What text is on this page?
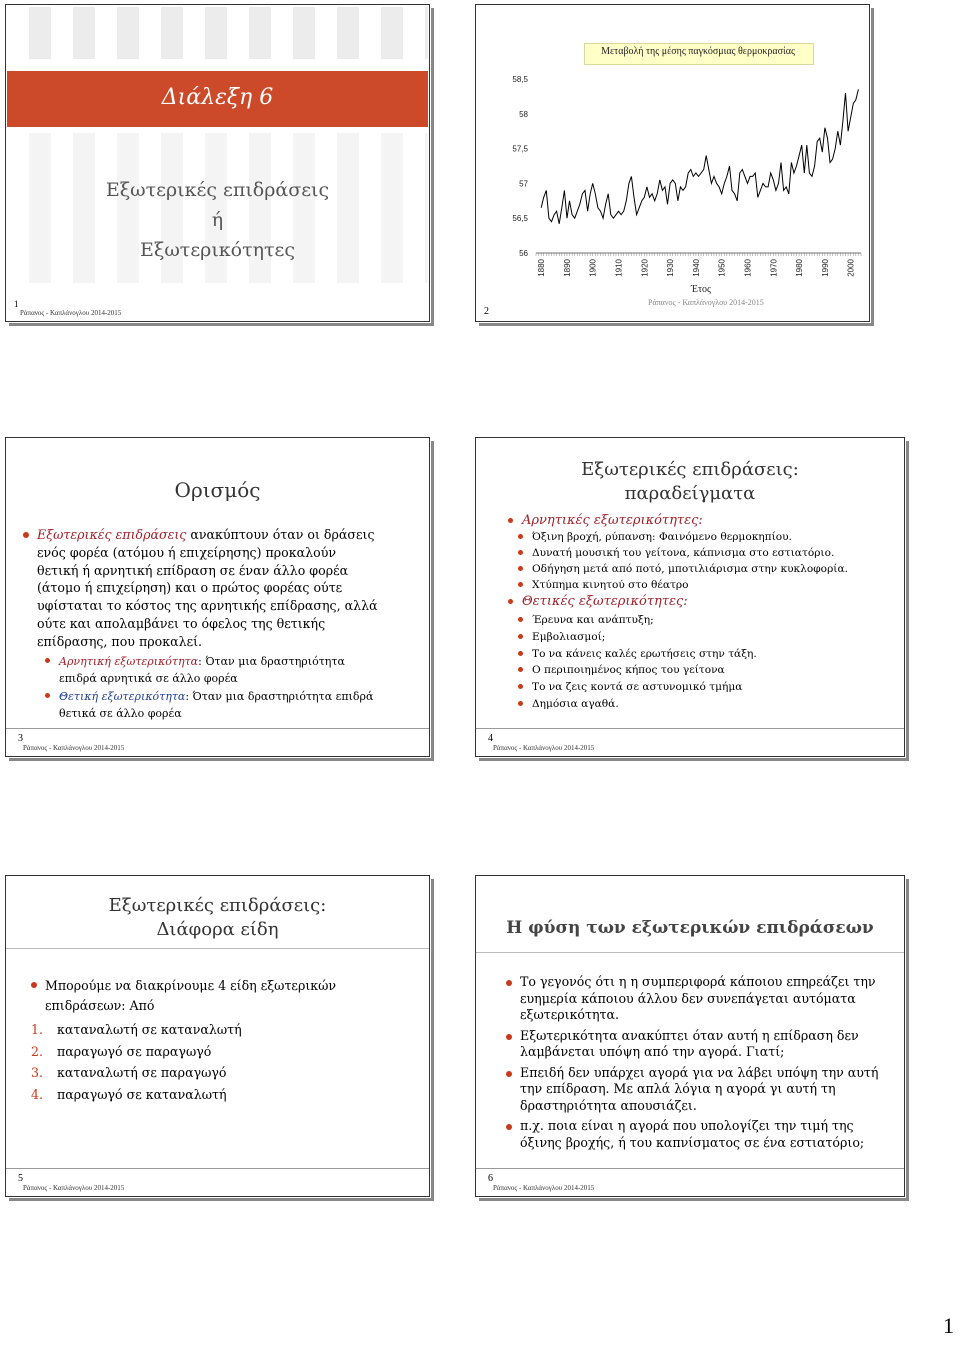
Διάλεξη 6
Εξωτερικές επιδράσεις
ή
Εξωτερικότητες
1
Ράπανος - Καπλάνογλου 2014-2015
Μεταβολή της μέσης παγκόσμιας θερμοκρασίας
56
56,5
57
57,5
58
58,5
1880 1890 1900 1910 1920 1930 1940 1950 1960 1970 1980 1990 2000
Έτος
2
Ράπανος - Καπλάνογλου 2014-2015
Ορισμός
Εξωτερικές επιδράσεις ανακύπτουν όταν οι δράσεις
ενός φορέα (ατόμου ή επιχείρησης) προκαλούν
θετική ή αρνητική επίδραση σε έναν άλλο φορέα
(άτομο ή επιχείρηση) και ο πρώτος φορέας ούτε
υφίσταται το κόστος της αρνητικής επίδρασης, αλλά
ούτε και απολαμβάνει το όφελος της θετικής
επίδρασης, που προκαλεί.
Αρνητική εξωτερικότητα: Όταν μια δραστηριότητα
επιδρά αρνητικά σε άλλο φορέα
Θετική εξωτερικότητα: Όταν μια δραστηριότητα επιδρά
θετικά σε άλλο φορέα
3
Ράπανος - Καπλάνογλου 2014-2015
Εξωτερικές επιδράσεις:
παραδείγματα
Αρνητικές εξωτερικότητες:
Όξινη βροχή, ρύπανση: Φαινόμενο θερμοκηπίου.
Δυνατή μουσική του γείτονα, κάπνισμα στο εστιατόριο.
Οδήγηση μετά από ποτό, μποτιλιάρισμα στην κυκλοφορία.
Χτύπημα κινητού στο θέατρο
Θετικές εξωτερικότητες:
Έρευνα και ανάπτυξη;
Εμβολιασμοί;
Το να κάνεις καλές ερωτήσεις στην τάξη.
Ο περιποιημένος κήπος του γείτονα
Το να ζεις κοντά σε αστυνομικό τμήμα
Δημόσια αγαθά.
4
Ράπανος - Καπλάνογλου 2014-2015
Εξωτερικές επιδράσεις:
Διάφορα είδη
Μπορούμε να διακρίνουμε 4 είδη εξωτερικών
επιδράσεων: Από
1. καταναλωτή σε καταναλωτή
2. παραγωγό σε παραγωγό
3. καταναλωτή σε παραγωγό
4. παραγωγό σε καταναλωτή
5
Ράπανος - Καπλάνογλου 2014-2015
Η φύση των εξωτερικών επιδράσεων
Το γεγονός ότι η η συμπεριφορά κάποιου επηρεάζει την
ευημερία κάποιου άλλου δεν συνεπάγεται αυτόματα
εξωτερικότητα.
Εξωτερικότητα ανακύπτει όταν αυτή η επίδραση δεν
λαμβάνεται υπόψη από την αγορά. Γιατί;
Επειδή δεν υπάρχει αγορά για να λάβει υπόψη την αυτή
την επίδραση. Με απλά λόγια η αγορά γι αυτή τη
δραστηριότητα απουσιάζει.
π.χ. ποια είναι η αγορά που υπολογίζει την τιμή της
όξινης βροχής, ή του καπνίσματος σε ένα εστιατόριο;
6
Ράπανος - Καπλάνογλου 2014-2015
1
